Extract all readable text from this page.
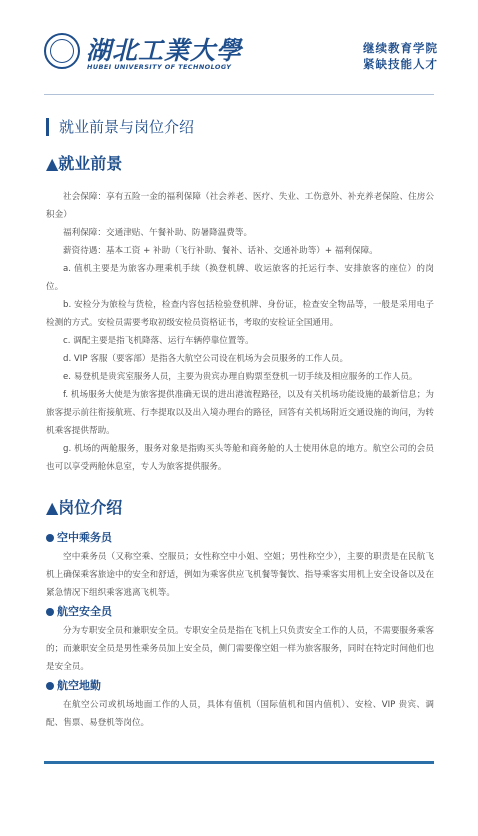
湖北工業大學
HUBEI UNIVERSITY OF TECHNOLOGY
继续教育学院
紧缺技能人才
就业前景与岗位介绍
▲就业前景

社会保障：享有五险一金的福利保障（社会养老、医疗、失业、工伤意外、补充养老保险、住房公积金）

福利保障：交通津贴、午餐补助、防暑降温费等。

薪资待遇：基本工资 + 补助（飞行补助、餐补、话补、交通补助等）+ 福利保障。

a. 值机主要是为旅客办理乘机手续（换登机牌、收运旅客的托运行李、安排旅客的座位）的岗位。

b. 安检分为旅检与货检，检查内容包括检验登机牌、身份证，检查安全物品等，一般是采用电子检测的方式。安检员需要考取初级安检员资格证书，考取的安检证全国通用。

c. 调配主要是指飞机降落、运行车辆停靠位置等。

d. VIP 客服（要客部）是指各大航空公司设在机场为会员服务的工作人员。

e. 易登机是贵宾室服务人员，主要为贵宾办理自购票至登机一切手续及相应服务的工作人员。

f. 机场服务大使是为旅客提供准确无误的进出港流程路径，以及有关机场功能设施的最新信息；为旅客提示前往衔接航班、行李提取以及出入境办理台的路径，回答有关机场附近交通设施的询问，为转机乘客提供帮助。

g. 机场的两舱服务，服务对象是指购买头等舱和商务舱的人士使用休息的地方。航空公司的会员也可以享受两舱休息室，专人为旅客提供服务。

▲岗位介绍
空中乘务员

空中乘务员（又称空乘、空服员；女性称空中小姐、空姐；男性称空少），主要的职责是在民航飞机上确保乘客旅途中的安全和舒适，例如为乘客供应飞机餐等餐饮、指导乘客实用机上安全设备以及在紧急情况下组织乘客逃离飞机等。

航空安全员

分为专职安全员和兼职安全员。专职安全员是指在飞机上只负责安全工作的人员，不需要服务乘客的；而兼职安全员是男性乘务员加上安全员，侧门需要像空姐一样为旅客服务，同时在特定时间他们也是安全员。

航空地勤

在航空公司或机场地面工作的人员，具体有值机（国际值机和国内值机）、安检、VIP 贵宾、调配、售票、易登机等岗位。
